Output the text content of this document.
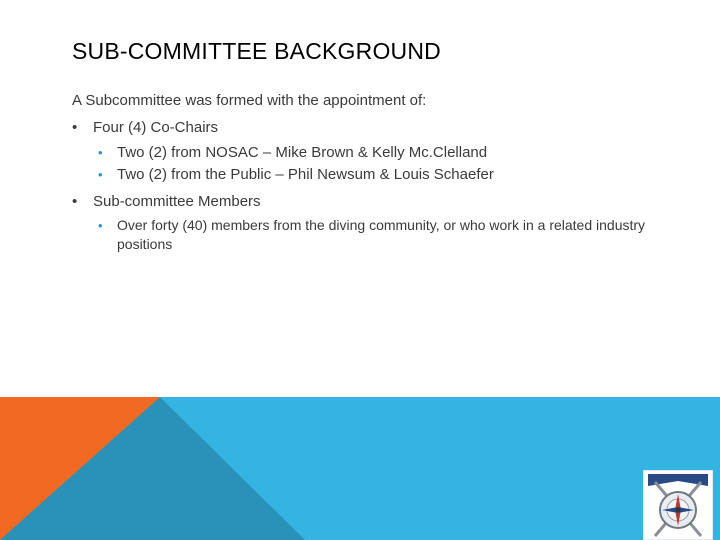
SUB-COMMITTEE BACKGROUND
A Subcommittee was formed with the appointment of:
• Four (4) Co-Chairs
• Two (2) from NOSAC – Mike Brown & Kelly Mc.Clelland
• Two (2) from the Public – Phil Newsum & Louis Schaefer
• Sub-committee Members
• Over forty (40) members from the diving community, or who work in a related industry positions
